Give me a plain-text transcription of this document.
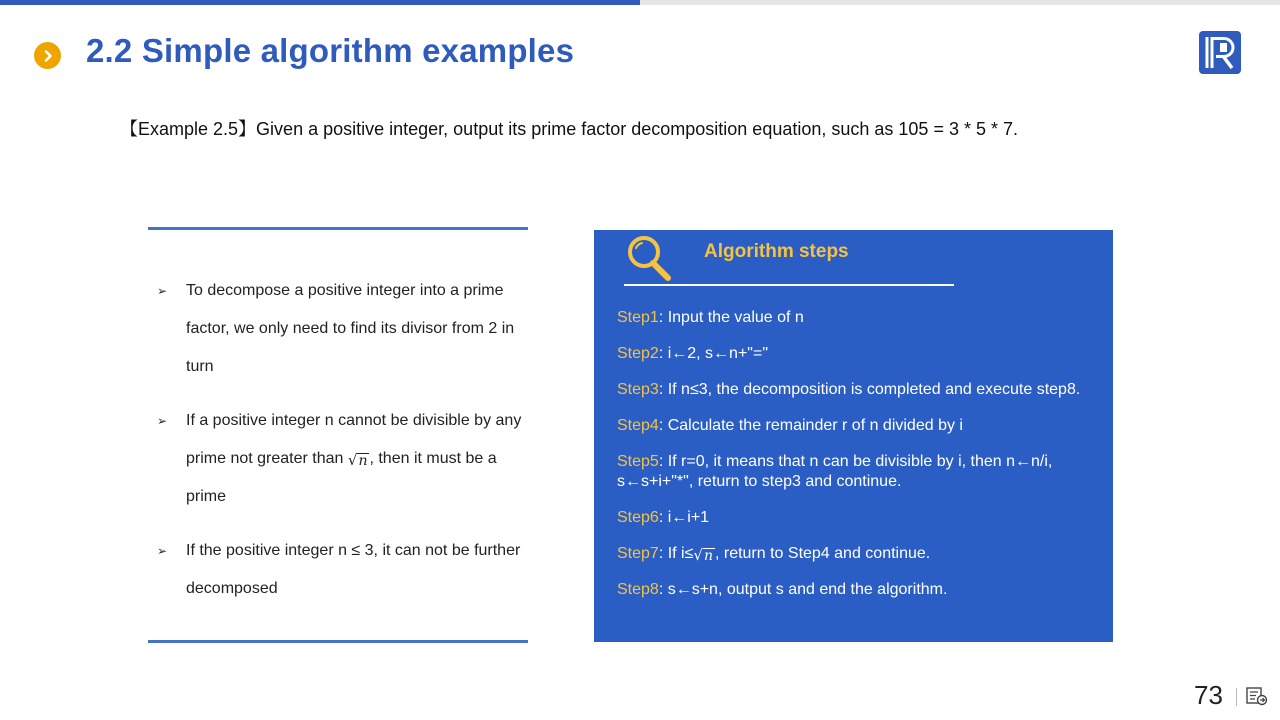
2.2 Simple algorithm examples
【Example 2.5】Given a positive integer, output its prime factor decomposition equation, such as 105 = 3 * 5 * 7.
➢ To decompose a positive integer into a prime factor, we only need to find its divisor from 2 in turn
➢ If a positive integer n cannot be divisible by any prime not greater than √ n , then it must be a prime
➢ If the positive integer n ≤ 3, it can not be further decomposed
Algorithm steps
Step1: Input the value of n
Step2: i←2, s←n+"="
Step3: If n≤3, the decomposition is completed and execute step8.
Step4: Calculate the remainder r of n divided by i
Step5: If r=0, it means that n can be divisible by i, then n←n/i, s←s+i+"*", return to step3 and continue.
Step6: i←i+1
Step7: If i≤ √ n , return to Step4 and continue.
Step8: s←s+n, output s and end the algorithm.
73
